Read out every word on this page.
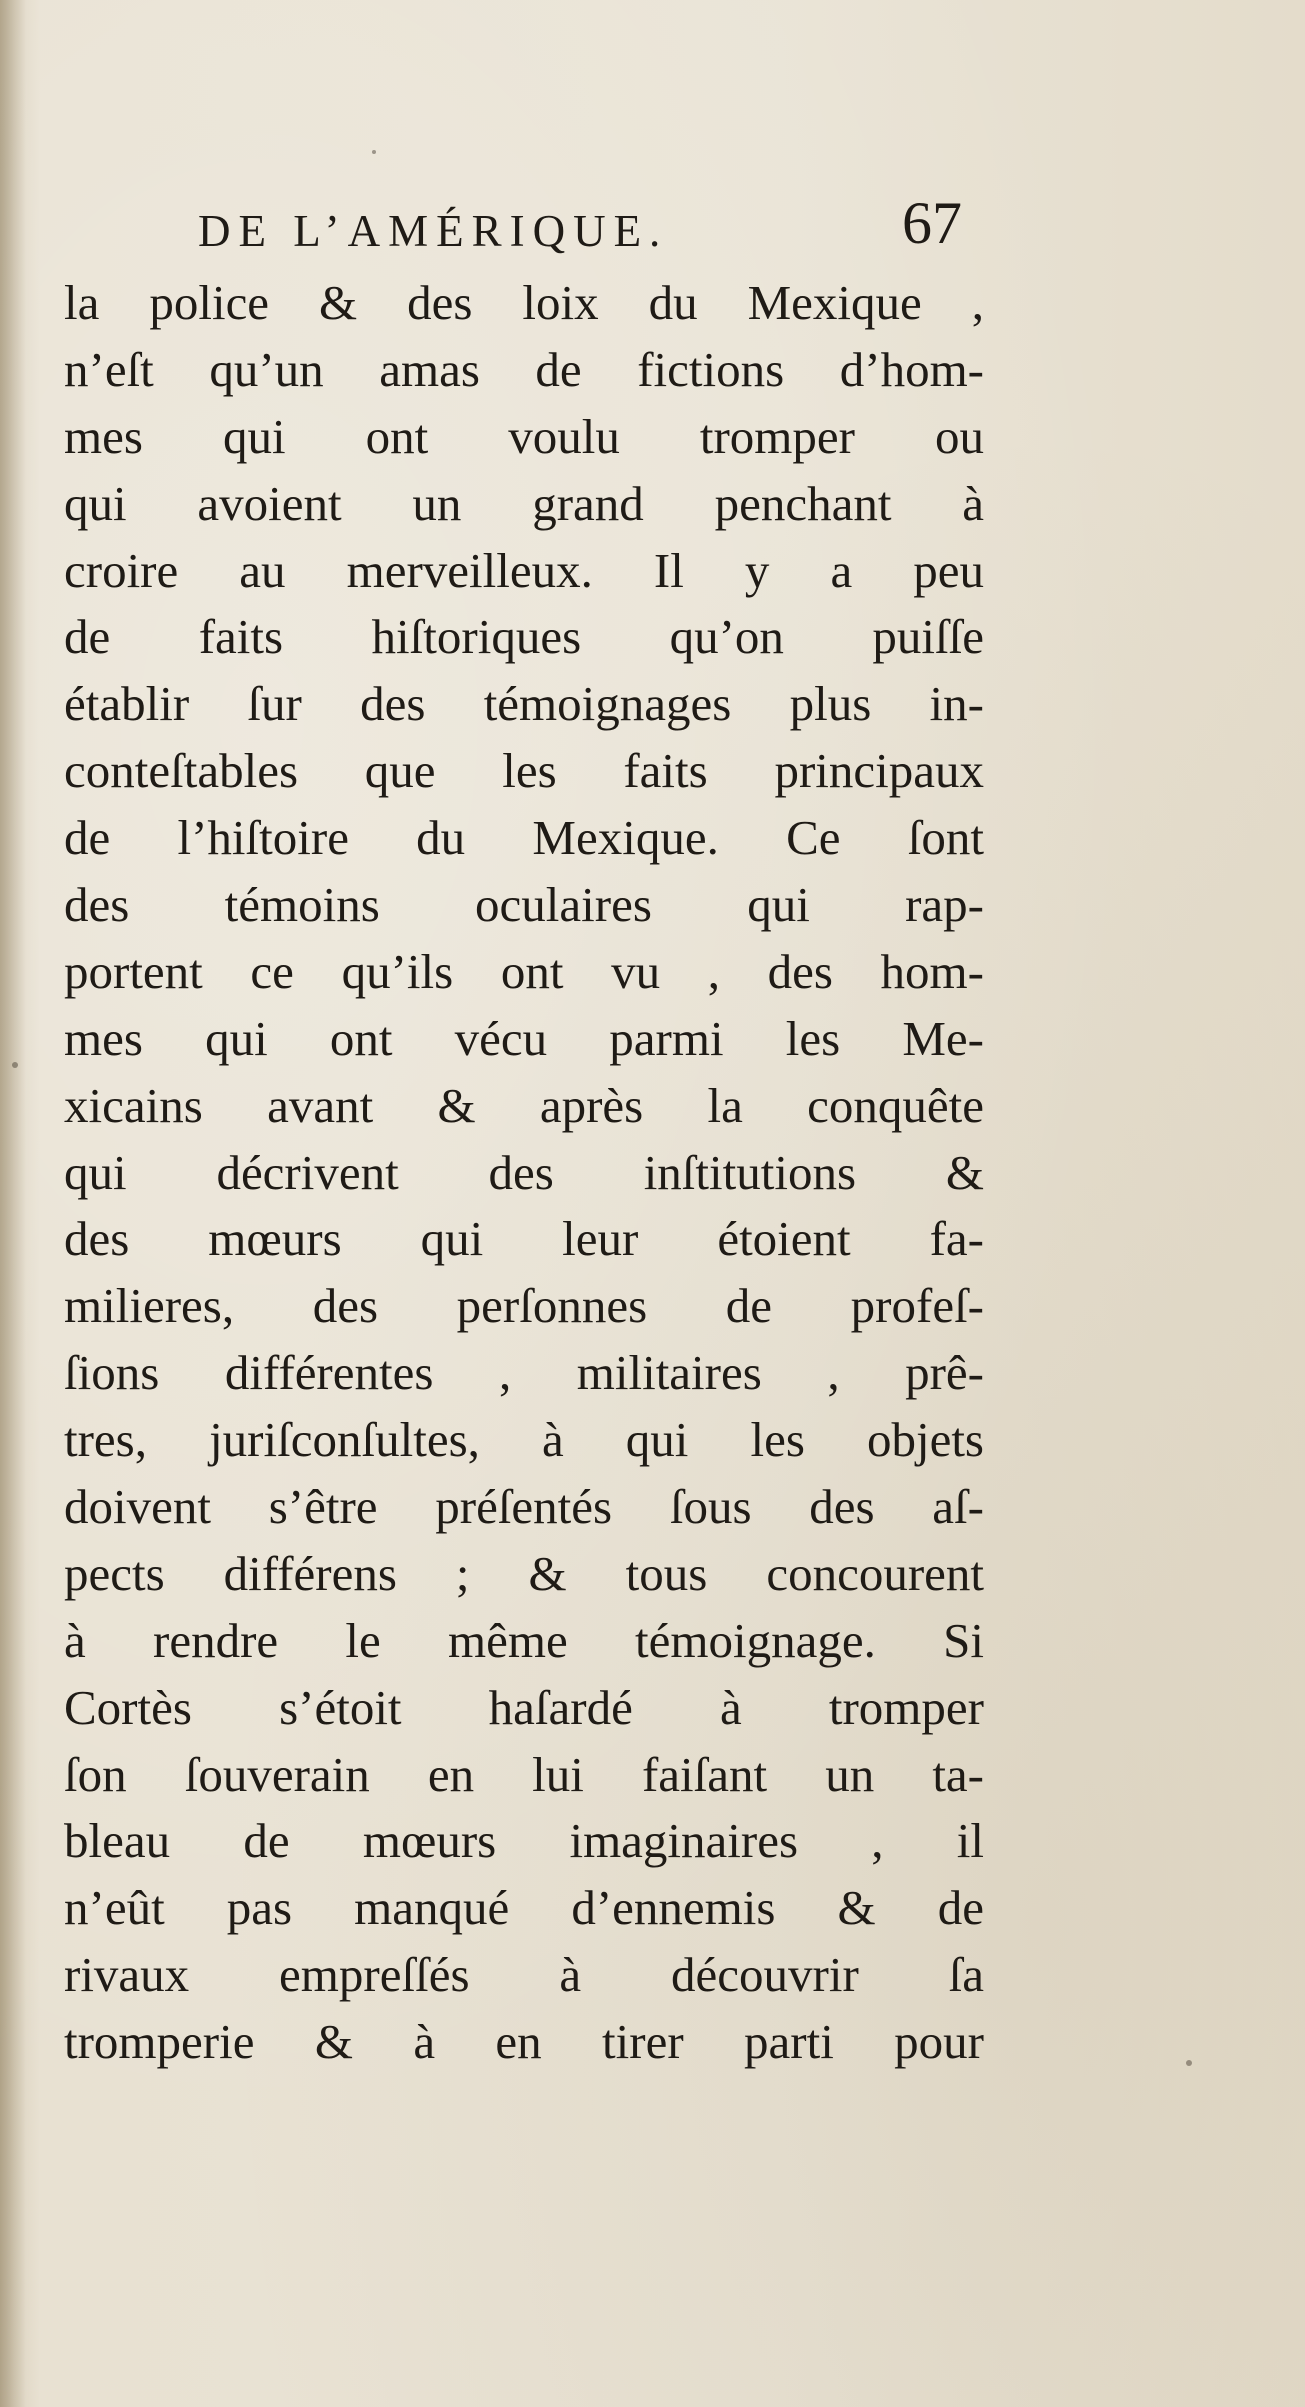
DE L’AMÉRIQUE.	67
la police & des loix du Mexique ,
n’eſt qu’un amas de fictions d’hom-
mes qui ont voulu tromper ou
qui avoient un grand penchant à
croire au merveilleux. Il y a peu
de faits hiſtoriques qu’on puiſſe
établir ſur des témoignages plus in-
conteſtables que les faits principaux
de l’hiſtoire du Mexique. Ce ſont
des témoins oculaires qui rap-
portent ce qu’ils ont vu , des hom-
mes qui ont vécu parmi les Me-
xicains avant & après la conquête
qui décrivent des inſtitutions &
des mœurs qui leur étoient fa-
milieres, des perſonnes de profeſ-
ſions différentes , militaires , prê-
tres, juriſconſultes, à qui les objets
doivent s’être préſentés ſous des aſ-
pects différens ; & tous concourent
à rendre le même témoignage. Si
Cortès s’étoit haſardé à tromper
ſon ſouverain en lui faiſant un ta-
bleau de mœurs imaginaires , il
n’eût pas manqué d’ennemis & de
rivaux empreſſés à découvrir ſa
tromperie & à en tirer parti pour
